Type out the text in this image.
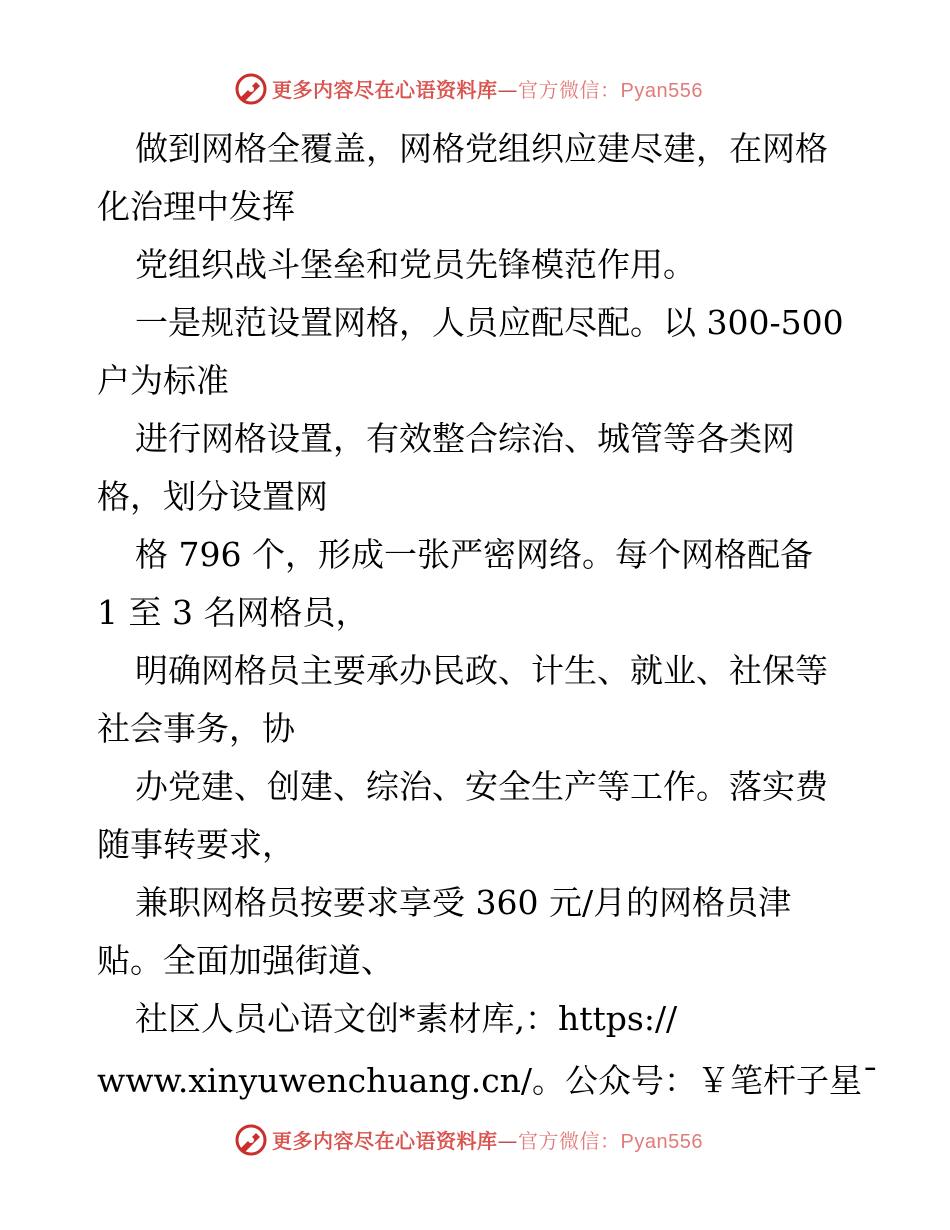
更多内容尽在心语资料库—官方微信：Pyan556
做到网格全覆盖，网格党组织应建尽建，在网格
化治理中发挥
党组织战斗堡垒和党员先锋模范作用。
一是规范设置网格，人员应配尽配。以 300-500
户为标准
进行网格设置，有效整合综治、城管等各类网
格，划分设置网
格 796 个，形成一张严密网络。每个网格配备
1 至 3 名网格员，
明确网格员主要承办民政、计生、就业、社保等
社会事务，协
办党建、创建、综治、安全生产等工作。落实费
随事转要求，
兼职网格员按要求享受 360 元/月的网格员津
贴。全面加强街道、
社区人员心语文创*素材库,：https://
www.xinyuwenchuang.cn/。公众号：￥笔杆子星¯
更多内容尽在心语资料库—官方微信：Pyan556
